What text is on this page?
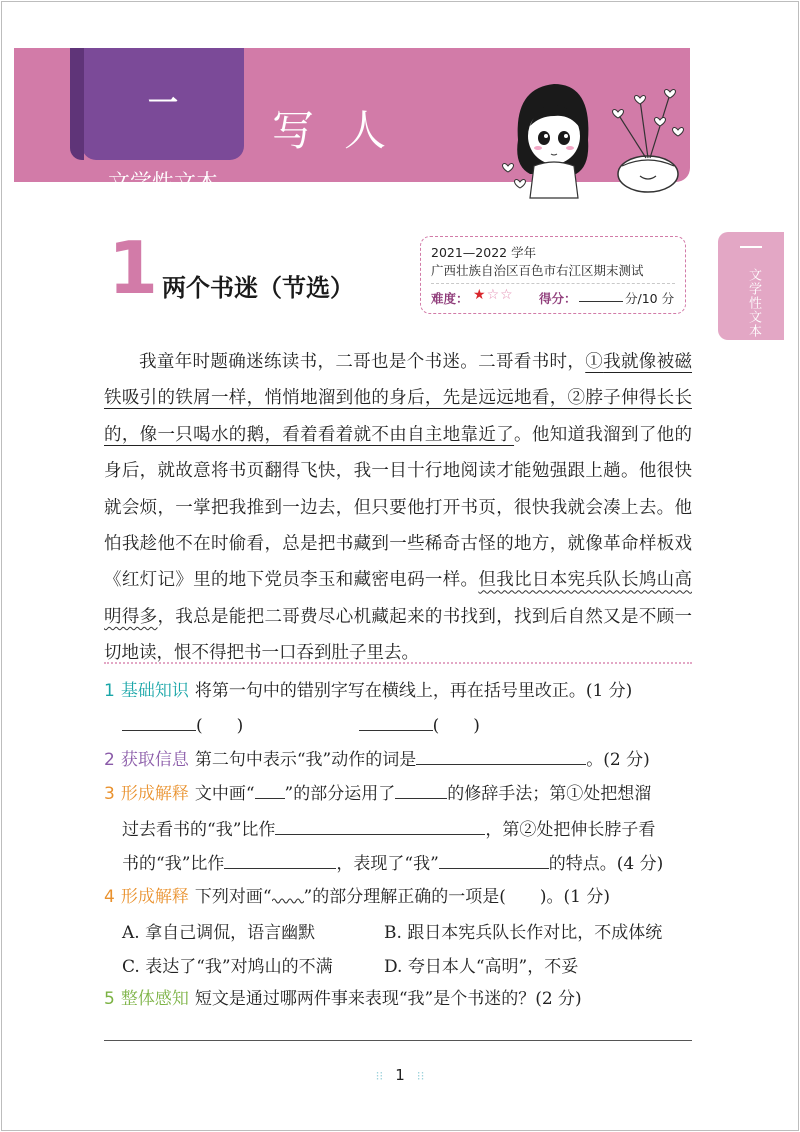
一
文学性文本
写人
文学性文本
1 两个书迷（节选）
2021—2022 学年
广西壮族自治区百色市右江区期末测试
难度： ★☆☆ 得分：	分/10 分

我童年时题确迷练读书，二哥也是个书迷。二哥看书时，①我就像被磁铁吸引的铁屑一样，悄悄地溜到他的身后，先是远远地看，②脖子伸得长长的，像一只喝水的鹅，看着看着就不由自主地靠近了。他知道我溜到了他的身后，就故意将书页翻得飞快，我一目十行地阅读才能勉强跟上趟。他很快就会烦，一掌把我推到一边去，但只要他打开书页，很快我就会凑上去。他怕我趁他不在时偷看，总是把书藏到一些稀奇古怪的地方，就像革命样板戏《红灯记》里的地下党员李玉和藏密电码一样。但我比日本宪兵队长鸠山高明得多，我总是能把二哥费尽心机藏起来的书找到，找到后自然又是不顾一切地读，恨不得把书一口吞到肚子里去。

1 基础知识 将第一句中的错别字写在横线上，再在括号里改正。(1 分)
(　　)	(　　)
2 获取信息 第二句中表示“我”动作的词是	。(2 分)
3 形成解释 文中画“ ”的部分运用了	的修辞手法；第①处把想溜
过去看书的“我”比作	，第②处把伸长脖子看
书的“我”比作	，表现了“我”	的特点。(4 分)
4 形成解释 下列对画“ ”的部分理解正确的一项是(　　)。(1 分)
A. 拿自己调侃，语言幽默	B. 跟日本宪兵队长作对比，不成体统
C. 表达了“我”对鸠山的不满	D. 夸日本人“高明”，不妥
5 整体感知 短文是通过哪两件事来表现“我”是个书迷的？(2 分)
⁝⁝ 1 ⁝⁝
